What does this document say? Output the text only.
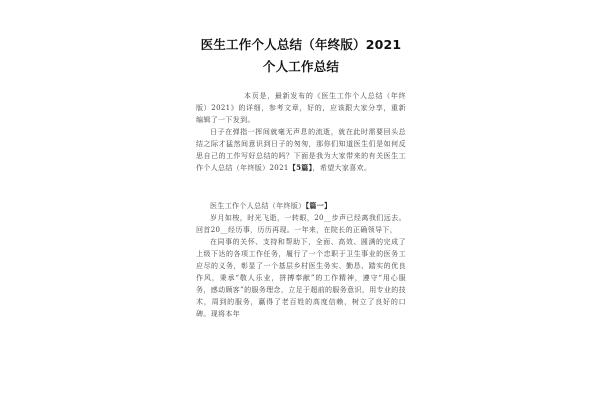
医生工作个人总结（年终版）2021 个人工作总结

本页是，最新发布的《医生工作个人总结（年终版）2021》的详细，参考文章，好的，应该跟大家分享，重新编辑了一下发到。

日子在弹指一挥间就毫无声息的流逝，就在此时需要回头总结之际才猛然间意识到日子的匆匆，那你们知道医生们是如何反思自己的工作写好总结的吗？下面是我为大家带来的有关医生工作个人总结（年终版）2021【5篇】，希望大家喜欢。

医生工作个人总结（年终版）【篇一】

岁月如梭，时光飞逝，一转眼，20__步声已经离我们远去。回首20__经历事，历历再现。一年来，在院长的正确领导下，

在同事的关怀、支持和帮助下，全面、高效、圆满的完成了上级下达的各项工作任务，履行了一个忠职于卫生事业的医务工应尽的义务，彰显了一个基层乡村医生务实、勤恳、踏实的优良作风，秉承“敬人乐业，拼搏奉献”的工作精神，遵守“用心服务，感动顾客”的服务理念，立足于超前的服务意识，用专业的技术，周到的服务，赢得了老百姓的高度信赖，树立了良好的口碑。现将本年
